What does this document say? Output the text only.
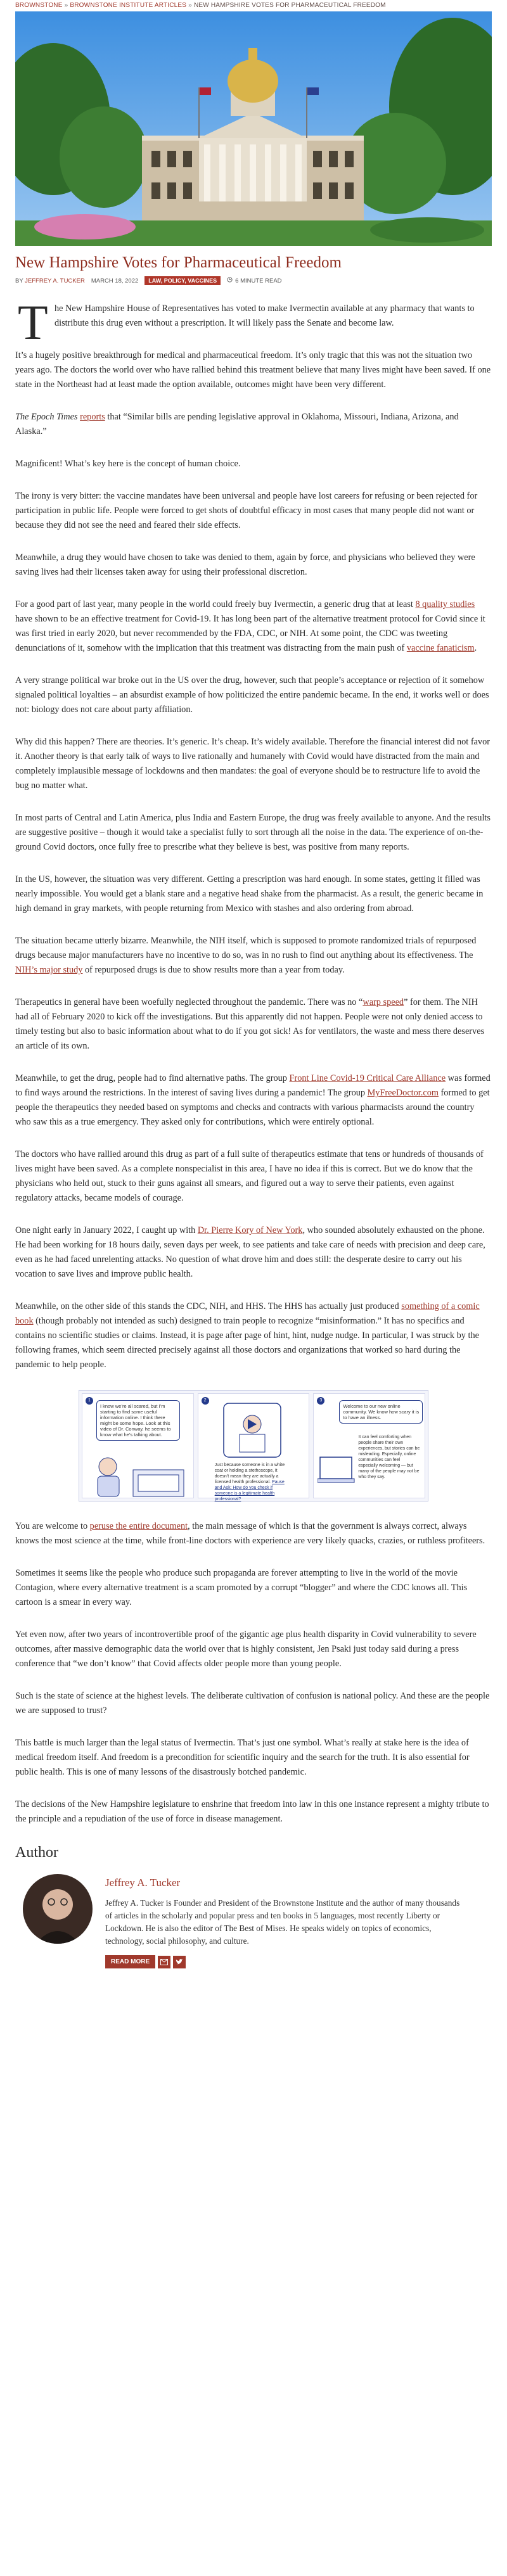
BROWNSTONE » BROWNSTONE INSTITUTE ARTICLES » NEW HAMPSHIRE VOTES FOR PHARMACEUTICAL FREEDOM
New Hampshire Votes for Pharmaceutical Freedom
BY JEFFREY A. TUCKER MARCH 18, 2022	LAW, POLICY, VACCINES	6 MINUTE READ
T he New Hampshire House of Representatives has voted to make Ivermectin available at any pharmacy that wants to distribute this drug even without a prescription. It will likely pass the Senate and become law.

It’s a hugely positive breakthrough for medical and pharmaceutical freedom. It’s only tragic that this was not the situation two years ago. The doctors the world over who have rallied behind this treatment believe that many lives might have been saved. If one state in the Northeast had at least made the option available, outcomes might have been very different.

The Epoch Times reports that “Similar bills are pending legislative approval in Oklahoma, Missouri, Indiana, Arizona, and Alaska.”

Magnificent! What’s key here is the concept of human choice.

The irony is very bitter: the vaccine mandates have been universal and people have lost careers for refusing or been rejected for participation in public life. People were forced to get shots of doubtful efficacy in most cases that many people did not want or because they did not see the need and feared their side effects.

Meanwhile, a drug they would have chosen to take was denied to them, again by force, and physicians who believed they were saving lives had their licenses taken away for using their professional discretion.

For a good part of last year, many people in the world could freely buy Ivermectin, a generic drug that at least 8 quality studies have shown to be an effective treatment for Covid-19. It has long been part of the alternative treatment protocol for Covid since it was first tried in early 2020, but never recommended by the FDA, CDC, or NIH. At some point, the CDC was tweeting denunciations of it, somehow with the implication that this treatment was distracting from the main push of vaccine fanaticism.

A very strange political war broke out in the US over the drug, however, such that people’s acceptance or rejection of it somehow signaled political loyalties – an absurdist example of how politicized the entire pandemic became. In the end, it works well or does not: biology does not care about party affiliation.

Why did this happen? There are theories. It’s generic. It’s cheap. It’s widely available. Therefore the financial interest did not favor it. Another theory is that early talk of ways to live rationally and humanely with Covid would have distracted from the main and completely implausible message of lockdowns and then mandates: the goal of everyone should be to restructure life to avoid the bug no matter what.

In most parts of Central and Latin America, plus India and Eastern Europe, the drug was freely available to anyone. And the results are suggestive positive – though it would take a specialist fully to sort through all the noise in the data. The experience of on-the-ground Covid doctors, once fully free to prescribe what they believe is best, was positive from many reports.

In the US, however, the situation was very different. Getting a prescription was hard enough. In some states, getting it filled was nearly impossible. You would get a blank stare and a negative head shake from the pharmacist. As a result, the generic became in high demand in gray markets, with people returning from Mexico with stashes and also ordering from abroad.

The situation became utterly bizarre. Meanwhile, the NIH itself, which is supposed to promote randomized trials of repurposed drugs because major manufacturers have no incentive to do so, was in no rush to find out anything about its effectiveness. The NIH’s major study of repurposed drugs is due to show results more than a year from today.

Therapeutics in general have been woefully neglected throughout the pandemic. There was no “warp speed” for them. The NIH had all of February 2020 to kick off the investigations. But this apparently did not happen. People were not only denied access to timely testing but also to basic information about what to do if you got sick! As for ventilators, the waste and mess there deserves an article of its own.

Meanwhile, to get the drug, people had to find alternative paths. The group Front Line Covid-19 Critical Care Alliance was formed to find ways around the restrictions. In the interest of saving lives during a pandemic! The group MyFreeDoctor.com formed to get people the therapeutics they needed based on symptoms and checks and contracts with various pharmacists around the country who saw this as a true emergency. They asked only for contributions, which were entirely optional.

The doctors who have rallied around this drug as part of a full suite of therapeutics estimate that tens or hundreds of thousands of lives might have been saved. As a complete nonspecialist in this area, I have no idea if this is correct. But we do know that the physicians who held out, stuck to their guns against all smears, and figured out a way to serve their patients, even against regulatory attacks, became models of courage.

One night early in January 2022, I caught up with Dr. Pierre Kory of New York, who sounded absolutely exhausted on the phone. He had been working for 18 hours daily, seven days per week, to see patients and take care of needs with precision and deep care, even as he had faced unrelenting attacks. No question of what drove him and does still: the desperate desire to carry out his vocation to save lives and improve public health.

Meanwhile, on the other side of this stands the CDC, NIH, and HHS. The HHS has actually just produced something of a comic book (though probably not intended as such) designed to train people to recognize “misinformation.” It has no specifics and contains no scientific studies or claims. Instead, it is page after page of hint, hint, nudge nudge. In particular, I was struck by the following frames, which seem directed precisely against all those doctors and organizations that worked so hard during the pandemic to help people.

1
I know we’re all scared, but I’m starting to find some useful information online. I think there might be some hope. Look at this video of Dr. Conway, he seems to know what he’s talking about.
2
Just because someone is in a white coat or holding a stethoscope, it doesn’t mean they are actually a licensed health professional. Pause and Ask: How do you check if someone is a legitimate health professional?
3
Welcome to our new online community. We know how scary it is to have an illness.
It can feel comforting when people share their own experiences, but stories can be misleading. Especially, online communities can feel especially welcoming — but many of the people may not be who they say.

You are welcome to peruse the entire document, the main message of which is that the government is always correct, always knows the most science at the time, while front-line doctors with experience are very likely quacks, crazies, or ruthless profiteers.

Sometimes it seems like the people who produce such propaganda are forever attempting to live in the world of the movie Contagion, where every alternative treatment is a scam promoted by a corrupt “blogger” and where the CDC knows all. This cartoon is a smear in every way.

Yet even now, after two years of incontrovertible proof of the gigantic age plus health disparity in Covid vulnerability to severe outcomes, after massive demographic data the world over that is highly consistent, Jen Psaki just today said during a press conference that “we don’t know” that Covid affects older people more than young people.

Such is the state of science at the highest levels. The deliberate cultivation of confusion is national policy. And these are the people we are supposed to trust?

This battle is much larger than the legal status of Ivermectin. That’s just one symbol. What’s really at stake here is the idea of medical freedom itself. And freedom is a precondition for scientific inquiry and the search for the truth. It is also essential for public health. This is one of many lessons of the disastrously botched pandemic.

The decisions of the New Hampshire legislature to enshrine that freedom into law in this one instance represent a mighty tribute to the principle and a repudiation of the use of force in disease management.

Author
Jeffrey A. Tucker

Jeffrey A. Tucker is Founder and President of the Brownstone Institute and the author of many thousands of articles in the scholarly and popular press and ten books in 5 languages, most recently Liberty or Lockdown. He is also the editor of The Best of Mises. He speaks widely on topics of economics, technology, social philosophy, and culture.

READ MORE
